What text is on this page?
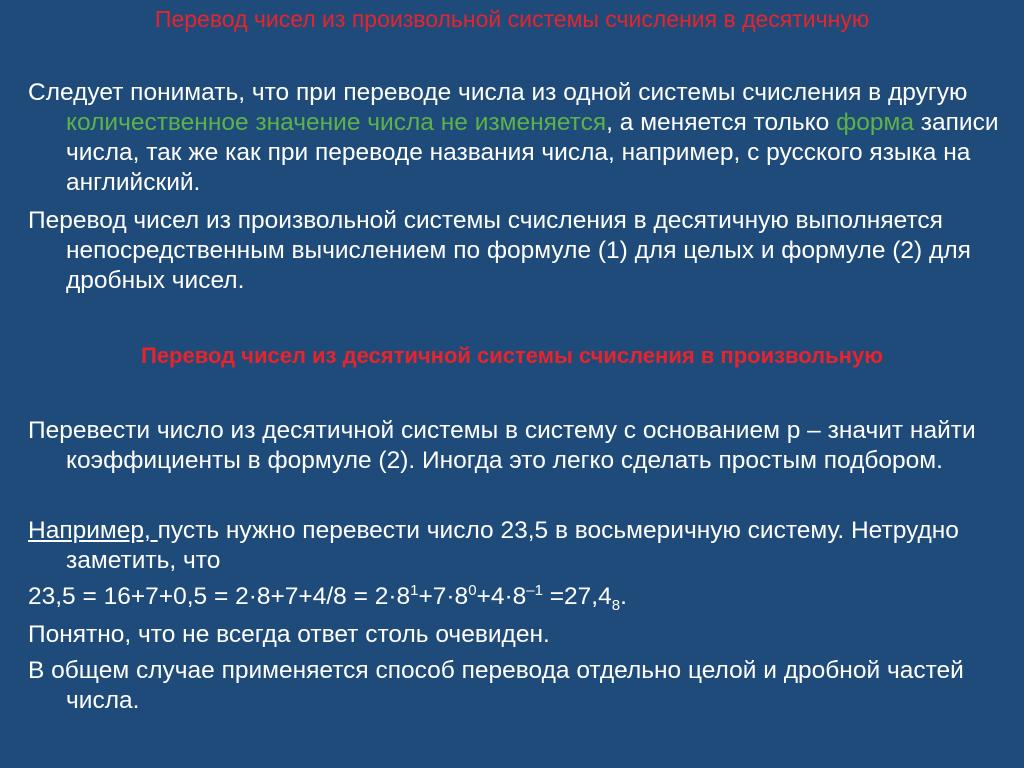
Перевод чисел из произвольной системы счисления в десятичную
Следует понимать, что при переводе числа из одной системы счисления в другую количественное значение числа не изменяется, а меняется только форма записи числа, так же как при переводе названия числа, например, с русского языка на английский.
Перевод чисел из произвольной системы счисления в десятичную выполняется непосредственным вычислением по формуле (1) для целых и формуле (2) для дробных чисел.
Перевод чисел из десятичной системы счисления в произвольную
Перевести число из десятичной системы в систему с основанием р – значит найти коэффициенты в формуле (2). Иногда это легко сделать простым подбором.
Например, пусть нужно перевести число 23,5 в восьмеричную систему. Нетрудно заметить, что
$23,5 = 16+7+0,5 = 2\cdot 8+7+4/8 = 2\cdot 8^1+7\cdot 8^0+4\cdot 8^{-1} =27,4_8$.
Понятно, что не всегда ответ столь очевиден.
В общем случае применяется способ перевода отдельно целой и дробной частей числа.
